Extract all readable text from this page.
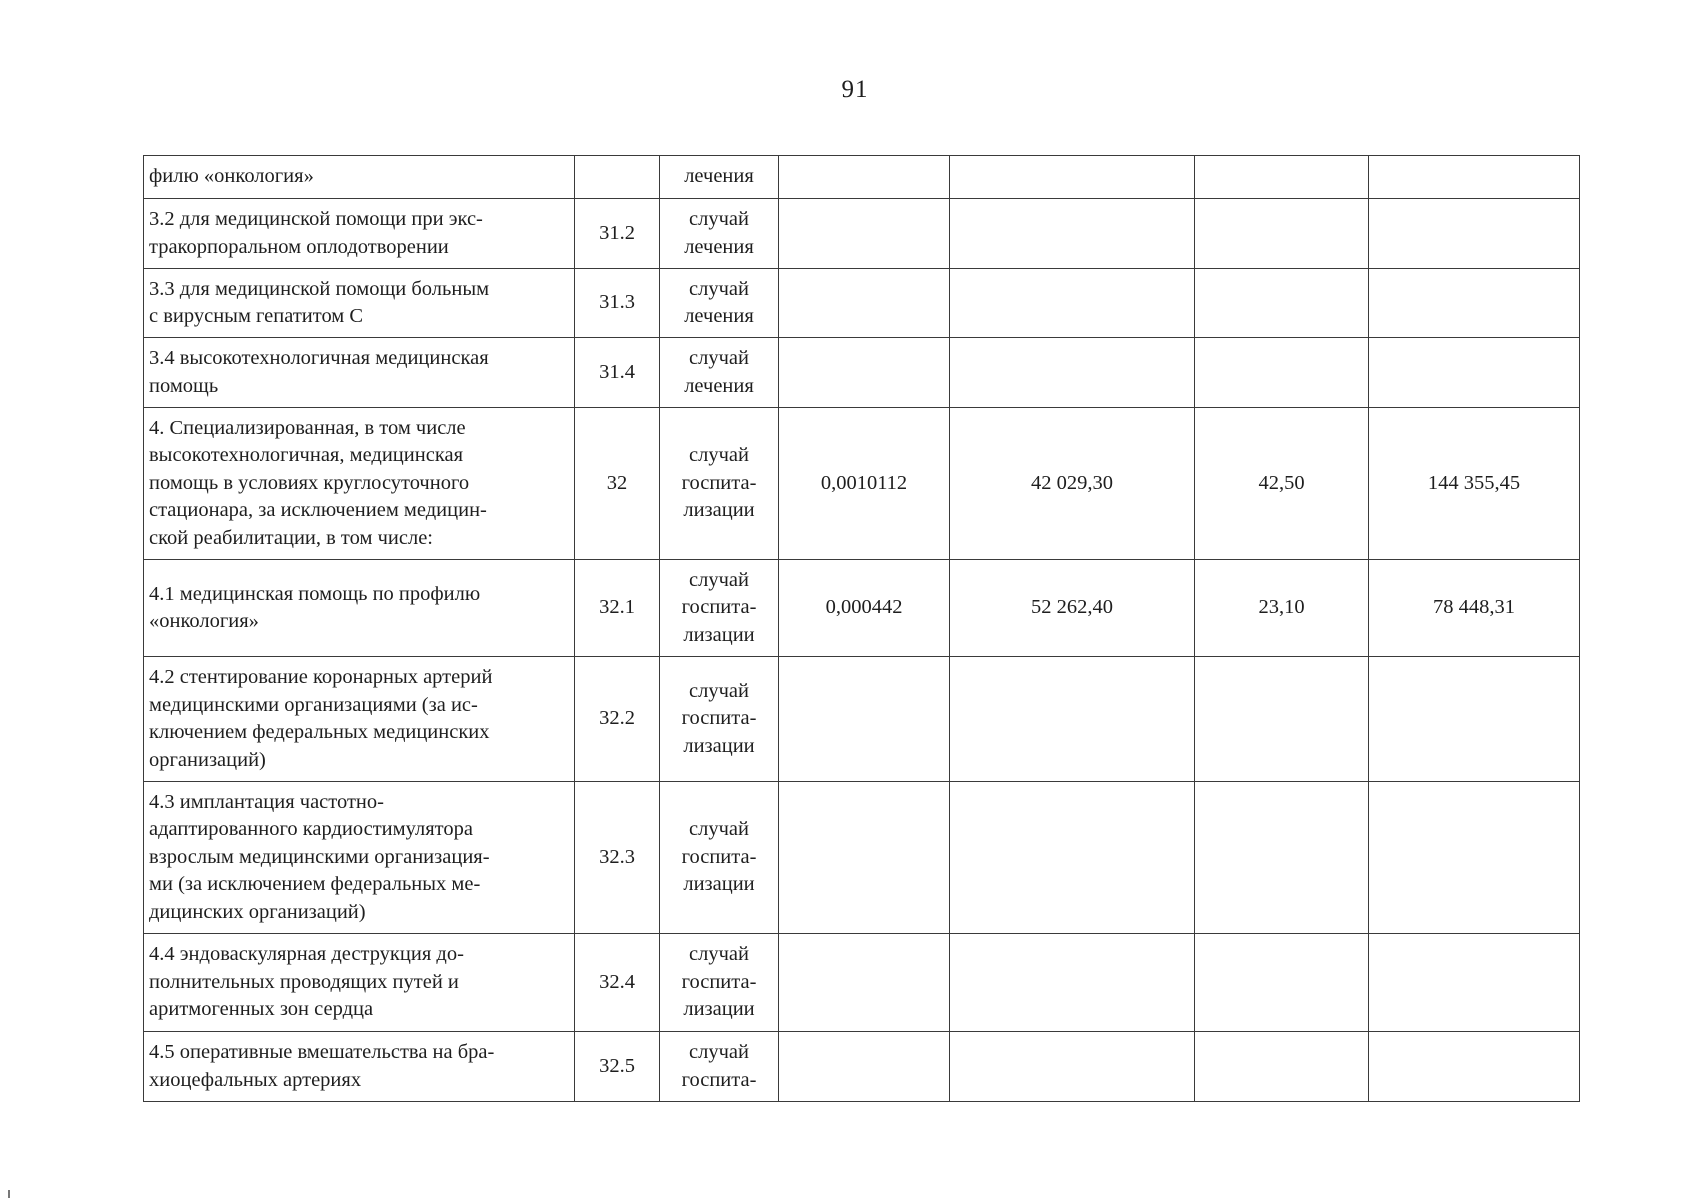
91
филю «онкология»		лечения				

3.2 для медицинской помощи при экс-
тракорпоральном оплодотворении	31.2	случай
лечения				

3.3 для медицинской помощи больным
с вирусным гепатитом С	31.3	случай
лечения				

3.4 высокотехнологичная медицинская
помощь	31.4	случай
лечения				

4. Специализированная, в том числе
высокотехнологичная, медицинская
помощь в условиях круглосуточного
стационара, за исключением медицин-
ской реабилитации, в том числе:	32	случай
госпита-
лизации	0,0010112	42 029,30	42,50	144 355,45

4.1 медицинская помощь по профилю
«онкология»	32.1	случай
госпита-
лизации	0,000442	52 262,40	23,10	78 448,31

4.2 стентирование коронарных артерий
медицинскими организациями (за ис-
ключением федеральных медицинских
организаций)	32.2	случай
госпита-
лизации				

4.3 имплантация частотно-
адаптированного кардиостимулятора
взрослым медицинскими организация-
ми (за исключением федеральных ме-
дицинских организаций)	32.3	случай
госпита-
лизации				

4.4 эндоваскулярная деструкция до-
полнительных проводящих путей и
аритмогенных зон сердца	32.4	случай
госпита-
лизации				

4.5 оперативные вмешательства на бра-
хиоцефальных артериях	32.5	случай
госпита-				
